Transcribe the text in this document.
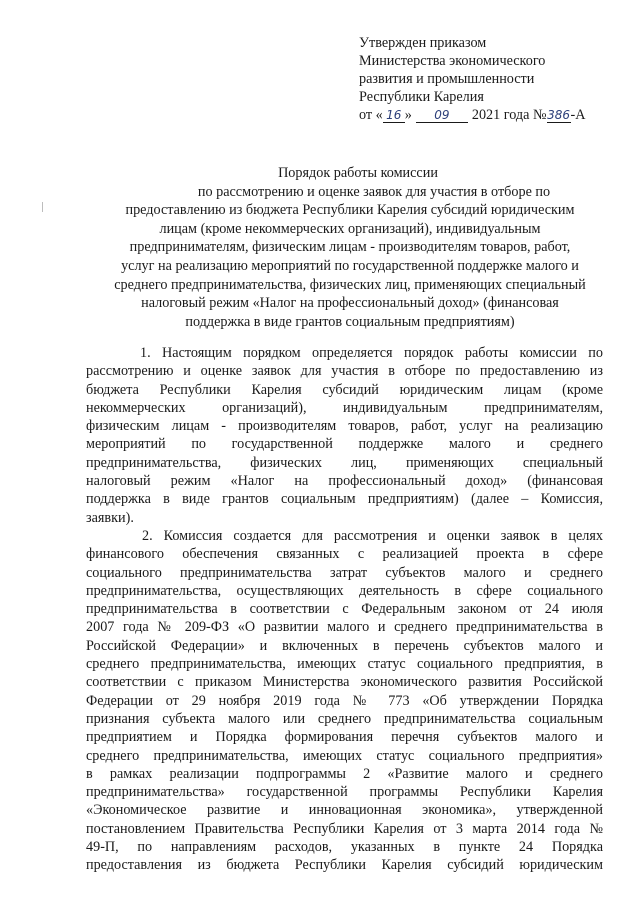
Утвержден приказом
Министерства экономического
развития и промышленности
Республики Карелия
от « 16 » 09 2021 года №386-А
Порядок работы комиссии
по рассмотрению и оценке заявок для участия в отборе по
предоставлению из бюджета Республики Карелия субсидий юридическим
лицам (кроме некоммерческих организаций), индивидуальным
предпринимателям, физическим лицам - производителям товаров, работ,
услуг на реализацию мероприятий по государственной поддержке малого и
среднего предпринимательства, физических лиц, применяющих специальный
налоговый режим «Налог на профессиональный доход» (финансовая
поддержка в виде грантов социальным предприятиям)
1. Настоящим порядком определяется порядок работы комиссии по
рассмотрению и оценке заявок для участия в отборе по предоставлению из
бюджета Республики Карелия субсидий юридическим лицам (кроме
некоммерческих организаций), индивидуальным предпринимателям,
физическим лицам - производителям товаров, работ, услуг на реализацию
мероприятий по государственной поддержке малого и среднего
предпринимательства, физических лиц, применяющих специальный
налоговый режим «Налог на профессиональный доход» (финансовая
поддержка в виде грантов социальным предприятиям) (далее – Комиссия,
заявки).
2. Комиссия создается для рассмотрения и оценки заявок в целях
финансового обеспечения связанных с реализацией проекта в сфере
социального предпринимательства затрат субъектов малого и среднего
предпринимательства, осуществляющих деятельность в сфере социального
предпринимательства в соответствии с Федеральным законом от 24 июля
2007 года № 209-ФЗ «О развитии малого и среднего предпринимательства в
Российской Федерации» и включенных в перечень субъектов малого и
среднего предпринимательства, имеющих статус социального предприятия, в
соответствии с приказом Министерства экономического развития Российской
Федерации от 29 ноября 2019 года № 773 «Об утверждении Порядка
признания субъекта малого или среднего предпринимательства социальным
предприятием и Порядка формирования перечня субъектов малого и
среднего предпринимательства, имеющих статус социального предприятия»
в рамках реализации подпрограммы 2 «Развитие малого и среднего
предпринимательства» государственной программы Республики Карелия
«Экономическое развитие и инновационная экономика», утвержденной
постановлением Правительства Республики Карелия от 3 марта 2014 года №
49-П, по направлениям расходов, указанных в пункте 24 Порядка
предоставления из бюджета Республики Карелия субсидий юридическим
